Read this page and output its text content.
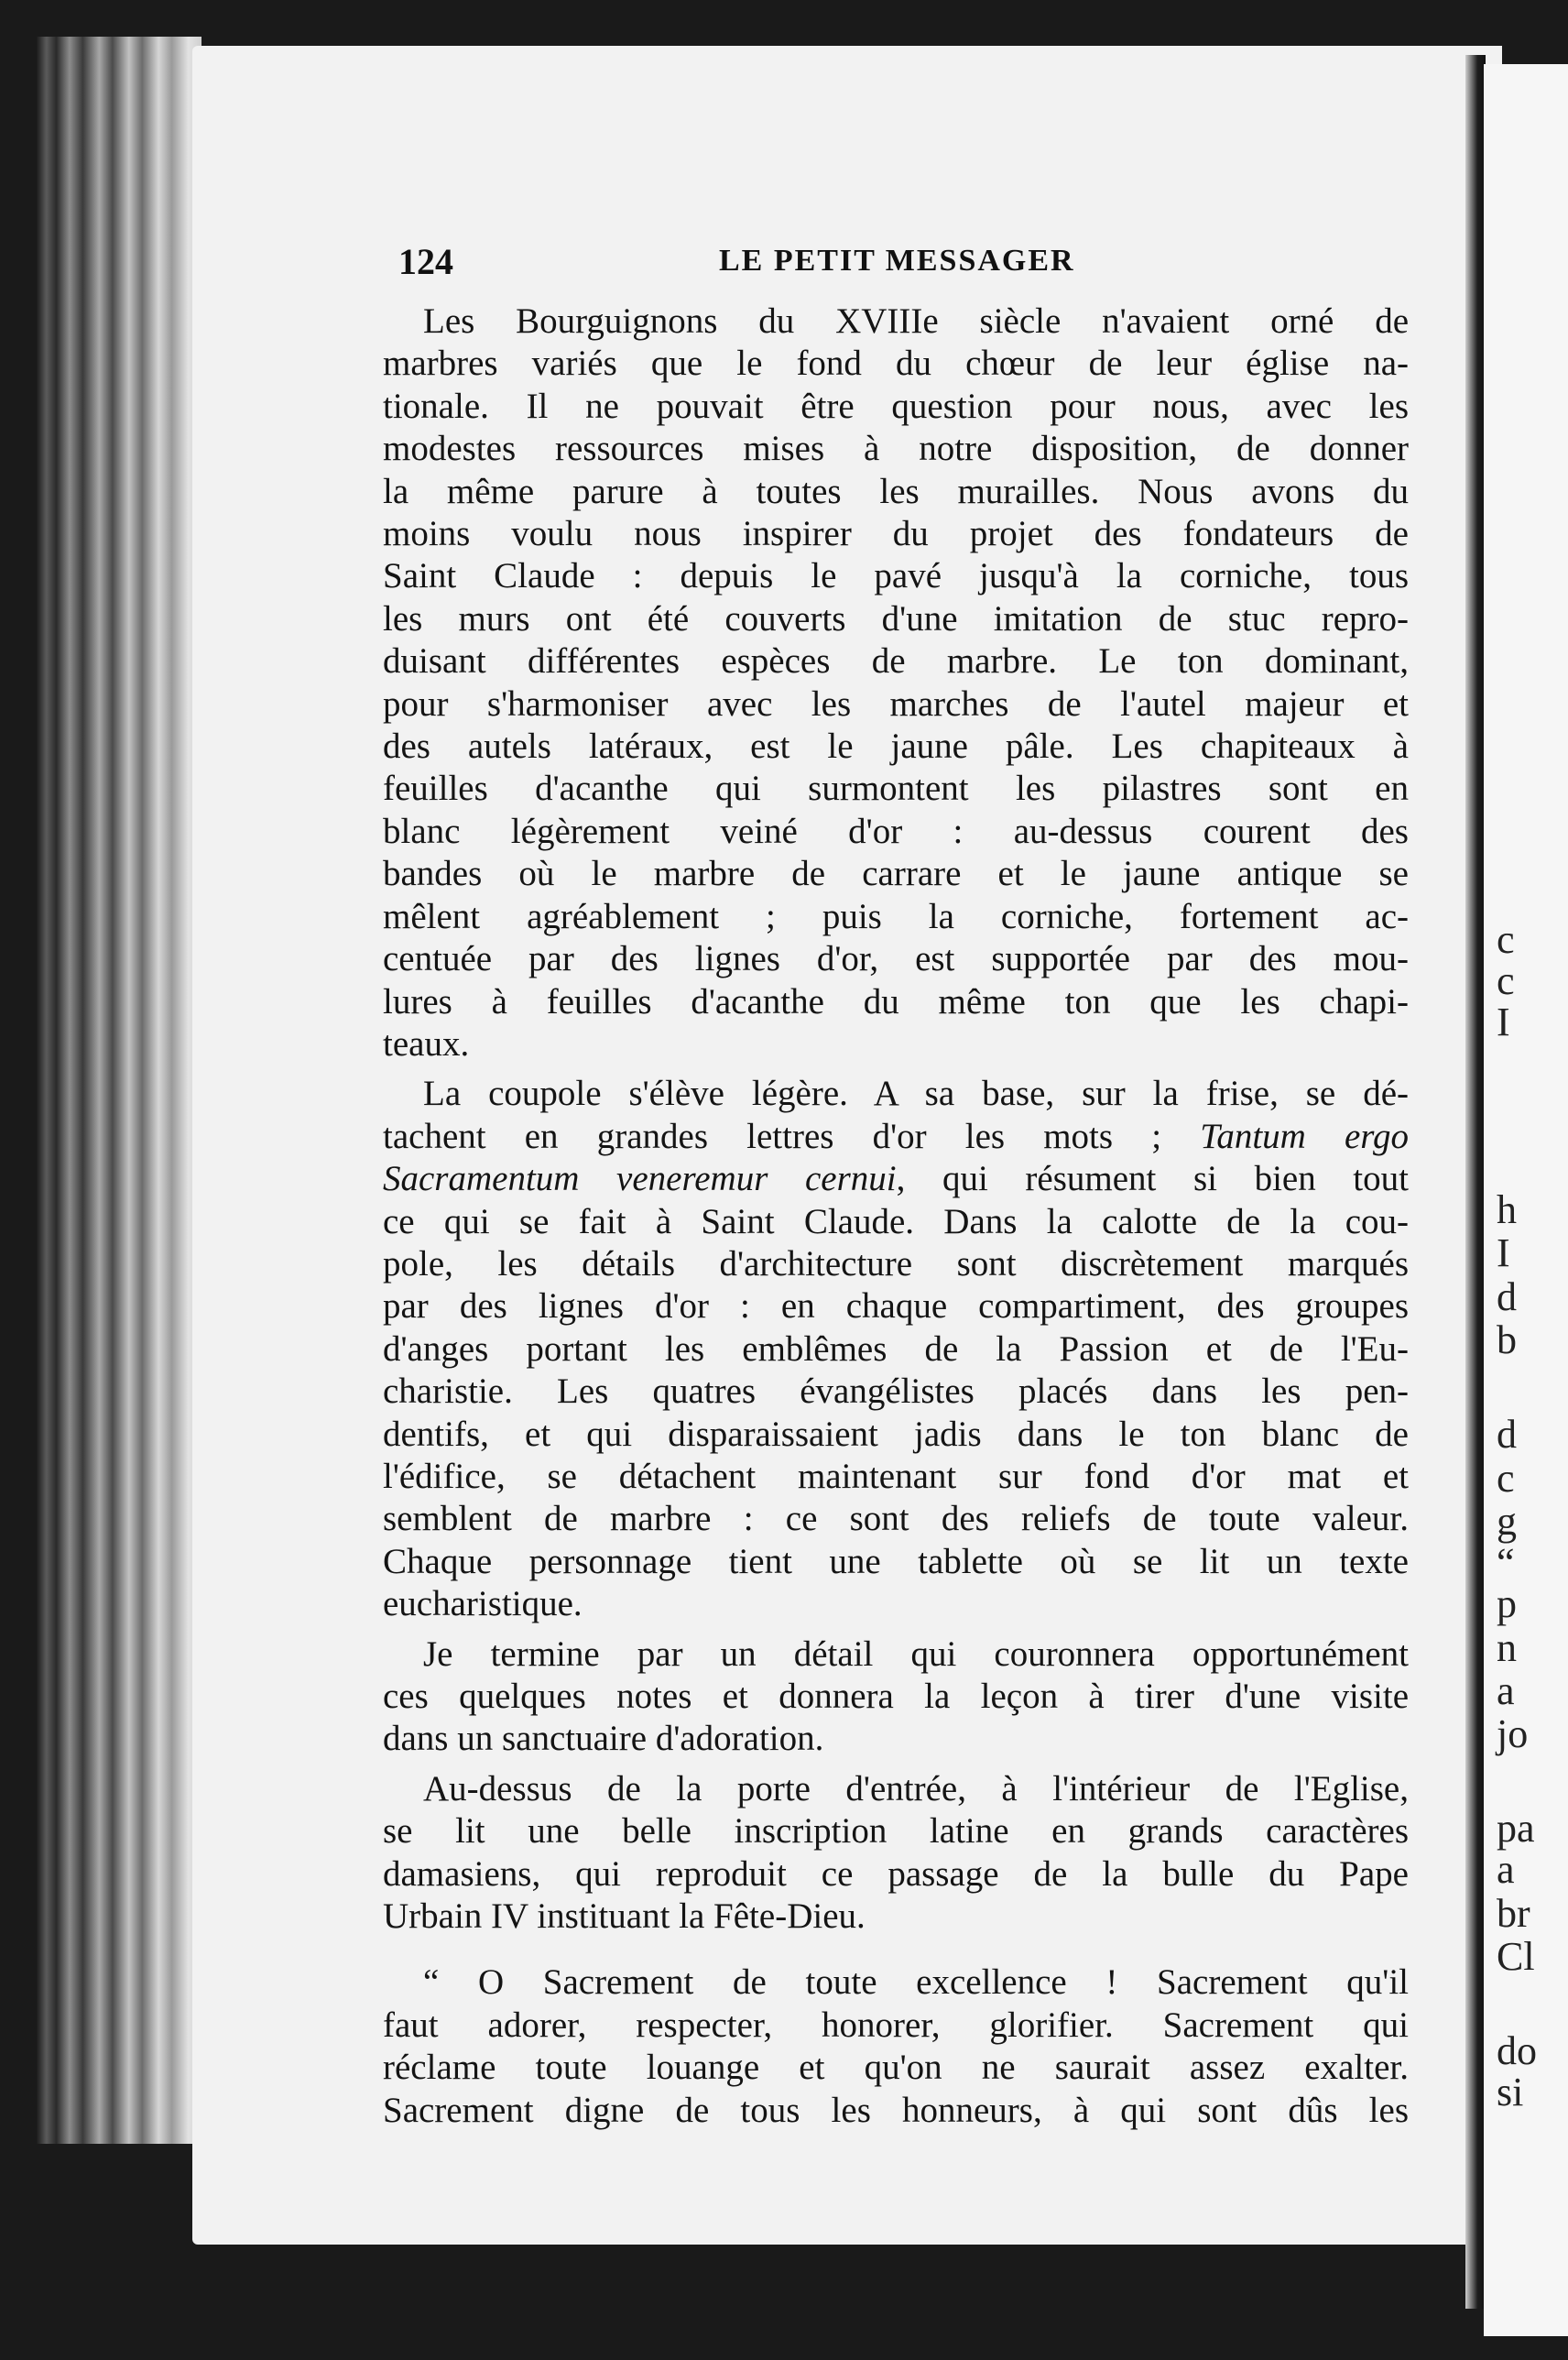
c
c
I
h
I
d
b
d
c
g
“
p
n
a
jo
pa
a
br
Cl
do
si
124	LE PETIT MESSAGER
Les Bourguignons du XVIIIe siècle n'avaient orné de
marbres variés que le fond du chœur de leur église na-
tionale. Il ne pouvait être question pour nous, avec les
modestes ressources mises à notre disposition, de donner
la même parure à toutes les murailles. Nous avons du
moins voulu nous inspirer du projet des fondateurs de
Saint Claude : depuis le pavé jusqu'à la corniche, tous
les murs ont été couverts d'une imitation de stuc repro-
duisant différentes espèces de marbre. Le ton dominant,
pour s'harmoniser avec les marches de l'autel majeur et
des autels latéraux, est le jaune pâle. Les chapiteaux à
feuilles d'acanthe qui surmontent les pilastres sont en
blanc légèrement veiné d'or : au-dessus courent des
bandes où le marbre de carrare et le jaune antique se
mêlent agréablement ; puis la corniche, fortement ac-
centuée par des lignes d'or, est supportée par des mou-
lures à feuilles d'acanthe du même ton que les chapi-
teaux.
La coupole s'élève légère. A sa base, sur la frise, se dé-
tachent en grandes lettres d'or les mots ; Tantum ergo
Sacramentum veneremur cernui, qui résument si bien tout
ce qui se fait à Saint Claude. Dans la calotte de la cou-
pole, les détails d'architecture sont discrètement marqués
par des lignes d'or : en chaque compartiment, des groupes
d'anges portant les emblêmes de la Passion et de l'Eu-
charistie. Les quatres évangélistes placés dans les pen-
dentifs, et qui disparaissaient jadis dans le ton blanc de
l'édifice, se détachent maintenant sur fond d'or mat et
semblent de marbre : ce sont des reliefs de toute valeur.
Chaque personnage tient une tablette où se lit un texte
eucharistique.
Je termine par un détail qui couronnera opportunément
ces quelques notes et donnera la leçon à tirer d'une visite
dans un sanctuaire d'adoration.
Au-dessus de la porte d'entrée, à l'intérieur de l'Eglise,
se lit une belle inscription latine en grands caractères
damasiens, qui reproduit ce passage de la bulle du Pape
Urbain IV instituant la Fête-Dieu.
“ O Sacrement de toute excellence ! Sacrement qu'il
faut adorer, respecter, honorer, glorifier. Sacrement qui
réclame toute louange et qu'on ne saurait assez exalter.
Sacrement digne de tous les honneurs, à qui sont dûs les
